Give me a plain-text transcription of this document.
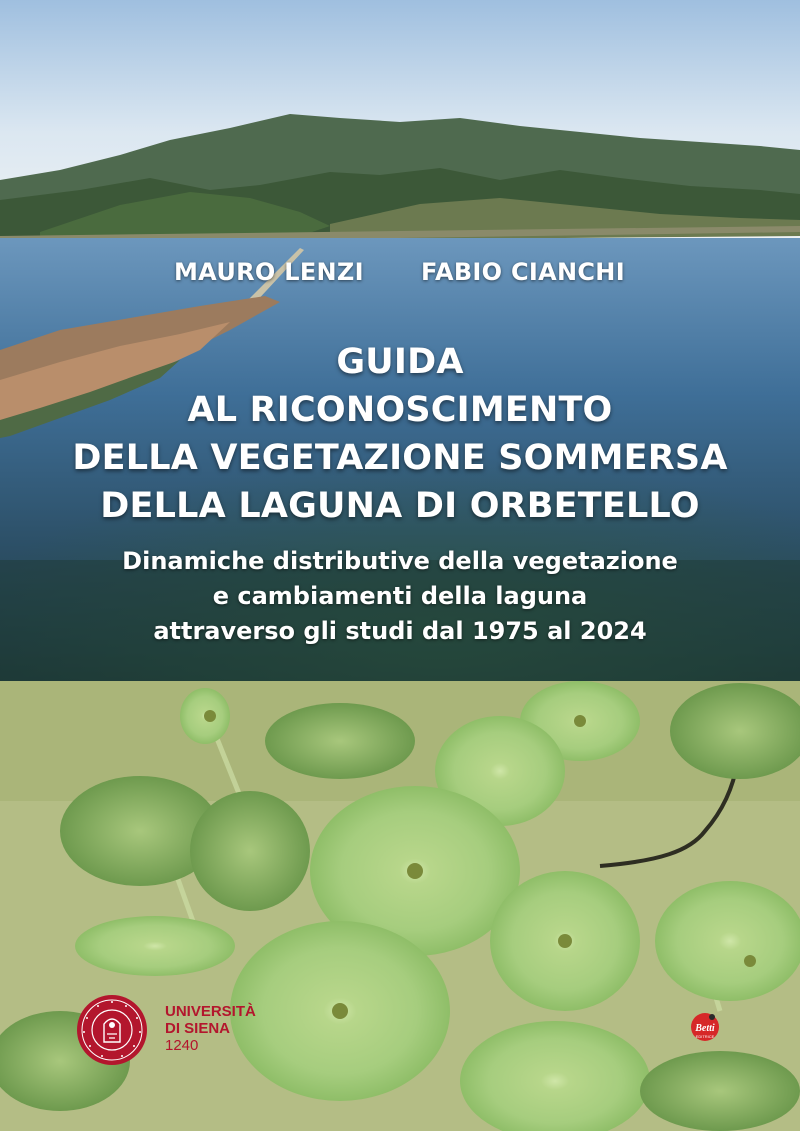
MAURO LENZI FABIO CIANCHI
GUIDA
AL RICONOSCIMENTO
DELLA VEGETAZIONE SOMMERSA
DELLA LAGUNA DI ORBETELLO
Dinamiche distributive della vegetazione
e cambiamenti della laguna
attraverso gli studi dal 1975 al 2024
UNIVERSITÀ
DI SIENA
1240
Betti
EDITRICE
